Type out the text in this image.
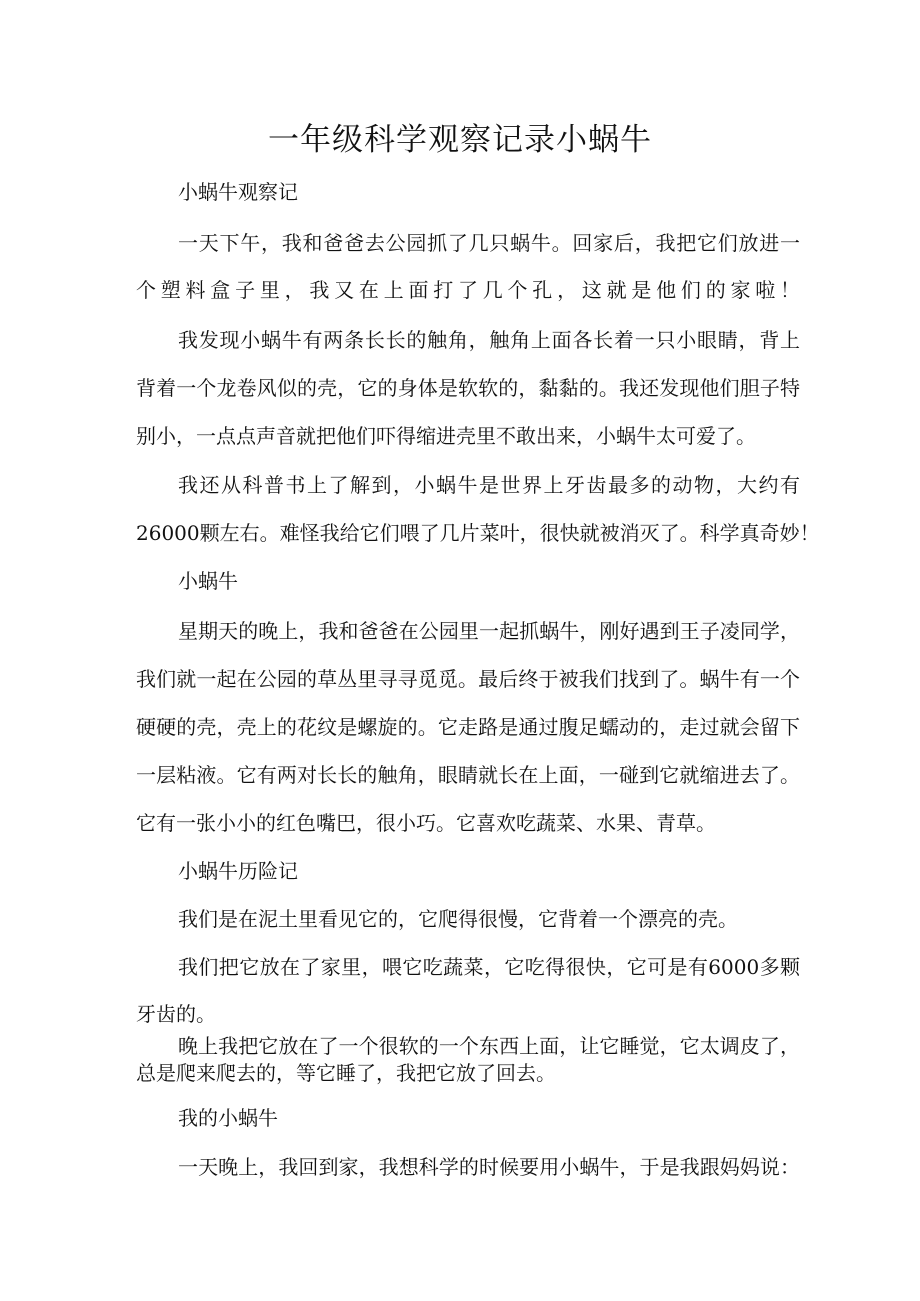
一年级科学观察记录小蜗牛
小蜗牛观察记
一天下午，我和爸爸去公园抓了几只蜗牛。回家后，我把它们放进一
个塑料盒子里，我又在上面打了几个孔，这就是他们的家啦！
我发现小蜗牛有两条长长的触角，触角上面各长着一只小眼睛，背上
背着一个龙卷风似的壳，它的身体是软软的，黏黏的。我还发现他们胆子特
别小，一点点声音就把他们吓得缩进壳里不敢出来，小蜗牛太可爱了。
我还从科普书上了解到，小蜗牛是世界上牙齿最多的动物，大约有
26000颗左右。难怪我给它们喂了几片菜叶，很快就被消灭了。科学真奇妙！
小蜗牛
星期天的晚上，我和爸爸在公园里一起抓蜗牛，刚好遇到王子凌同学，
我们就一起在公园的草丛里寻寻觅觅。最后终于被我们找到了。蜗牛有一个
硬硬的壳，壳上的花纹是螺旋的。它走路是通过腹足蠕动的，走过就会留下
一层粘液。它有两对长长的触角，眼睛就长在上面，一碰到它就缩进去了。
它有一张小小的红色嘴巴，很小巧。它喜欢吃蔬菜、水果、青草。
小蜗牛历险记
我们是在泥土里看见它的，它爬得很慢，它背着一个漂亮的壳。
我们把它放在了家里，喂它吃蔬菜，它吃得很快，它可是有6000多颗
牙齿的。
晚上我把它放在了一个很软的一个东西上面，让它睡觉，它太调皮了，
总是爬来爬去的，等它睡了，我把它放了回去。
我的小蜗牛
一天晚上，我回到家，我想科学的时候要用小蜗牛，于是我跟妈妈说：
